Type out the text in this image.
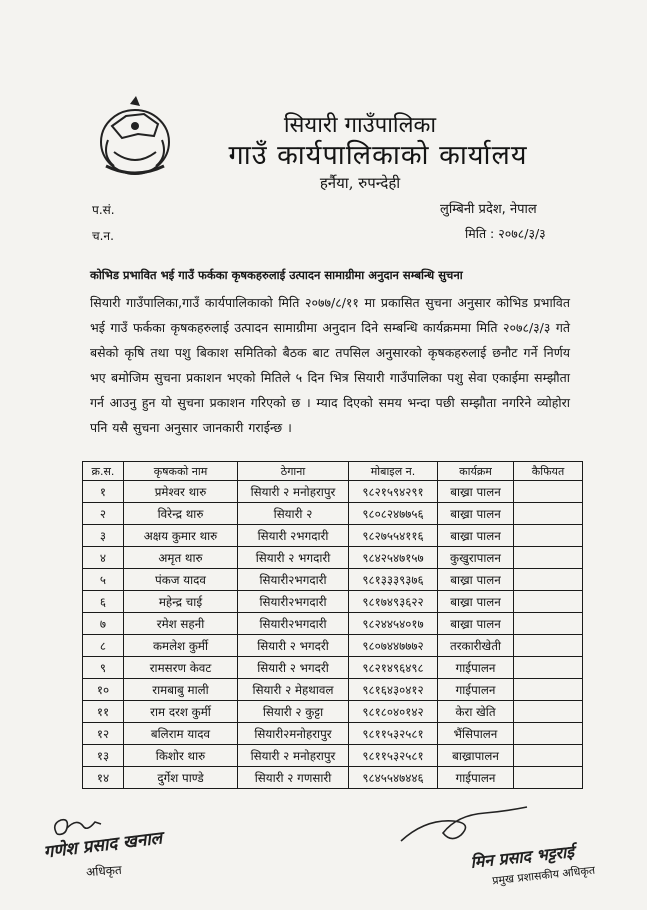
सियारी गाउँपालिका
गाउँ कार्यपालिकाको कार्यालय
हर्नैया, रुपन्देही
प.सं.
च.न.
लुम्बिनी प्रदेश, नेपाल
मिति : २०७८/३/३
कोभिड प्रभावित भई गाउँ फर्कका कृषकहरुलाई उत्पादन सामाग्रीमा अनुदान सम्बन्धि सुचना
सियारी गाउँपालिका,गाउँ कार्यपालिकाको मिति २०७७/८/११ मा प्रकासित सुचना अनुसार कोभिड प्रभावित भई गाउँ फर्कका कृषकहरुलाई उत्पादन सामाग्रीमा अनुदान दिने सम्बन्धि कार्यक्रममा मिति २०७८/३/३ गते बसेको कृषि तथा पशु बिकाश समितिको बैठक बाट तपसिल अनुसारको कृषकहरुलाई छनौट गर्ने निर्णय भए बमोजिम सुचना प्रकाशन भएको मितिले ५ दिन भित्र सियारी गाउँपालिका पशु सेवा एकाईमा सम्झौता गर्न आउनु हुन यो सुचना प्रकाशन गरिएको छ । म्याद दिएको समय भन्दा पछी सम्झौता नगरिने व्योहोरा पनि यसै सुचना अनुसार जानकारी गराईन्छ ।
क्र.स.	कृषकको नाम	ठेगाना	मोबाइल न.	कार्यक्रम	कैफियत
१	प्रमेश्वर थारु	सियारी २ मनोहरापुर	९८२१५९४२९१	बाख्रा पालन	
२	विरेन्द्र थारु	सियारी २	९८०८२४७७५६	बाख्रा पालन	
३	अक्षय कुमार थारु	सियारी २भगदारी	९८२७५५४११६	बाख्रा पालन	
४	अमृत थारु	सियारी २ भगदारी	९८४२५४७१५७	कुखुरापालन	
५	पंकज यादव	सियारी२भगदारी	९८१३३३९३७६	बाख्रा पालन	
६	महेन्द्र चाई	सियारी२भगदारी	९८१७४९३६२२	बाख्रा पालन	
७	रमेश सहनी	सियारी२भगदारी	९८२४४५४०१७	बाख्रा पालन	
८	कमलेश कुर्मी	सियारी २ भगदरी	९८०७४४७७७२	तरकारीखेती	
९	रामसरण केवट	सियारी २ भगदरी	९८२१४९६४९८	गाईपालन	
१०	रामबाबु माली	सियारी २ मेहथावल	९८१६४३०४१२	गाईपालन	
११	राम दरश कुर्मी	सियारी २ कुट्टा	९८१८०४०१४२	केरा खेति	
१२	बलिराम यादव	सियारी२मनोहरापुर	९८११५३२५८१	भैंसिपालन	
१३	किशोर थारु	सियारी २ मनोहरापुर	९८११५३२५८१	बाख्रापालन	
१४	दुर्गेश पाण्डे	सियारी २ गणसारी	९८४५५४७४४६	गाईपालन	
गणेश प्रसाद खनाल
अधिकृत	मिन प्रसाद भट्टराई
प्रमुख प्रशासकीय अधिकृत
